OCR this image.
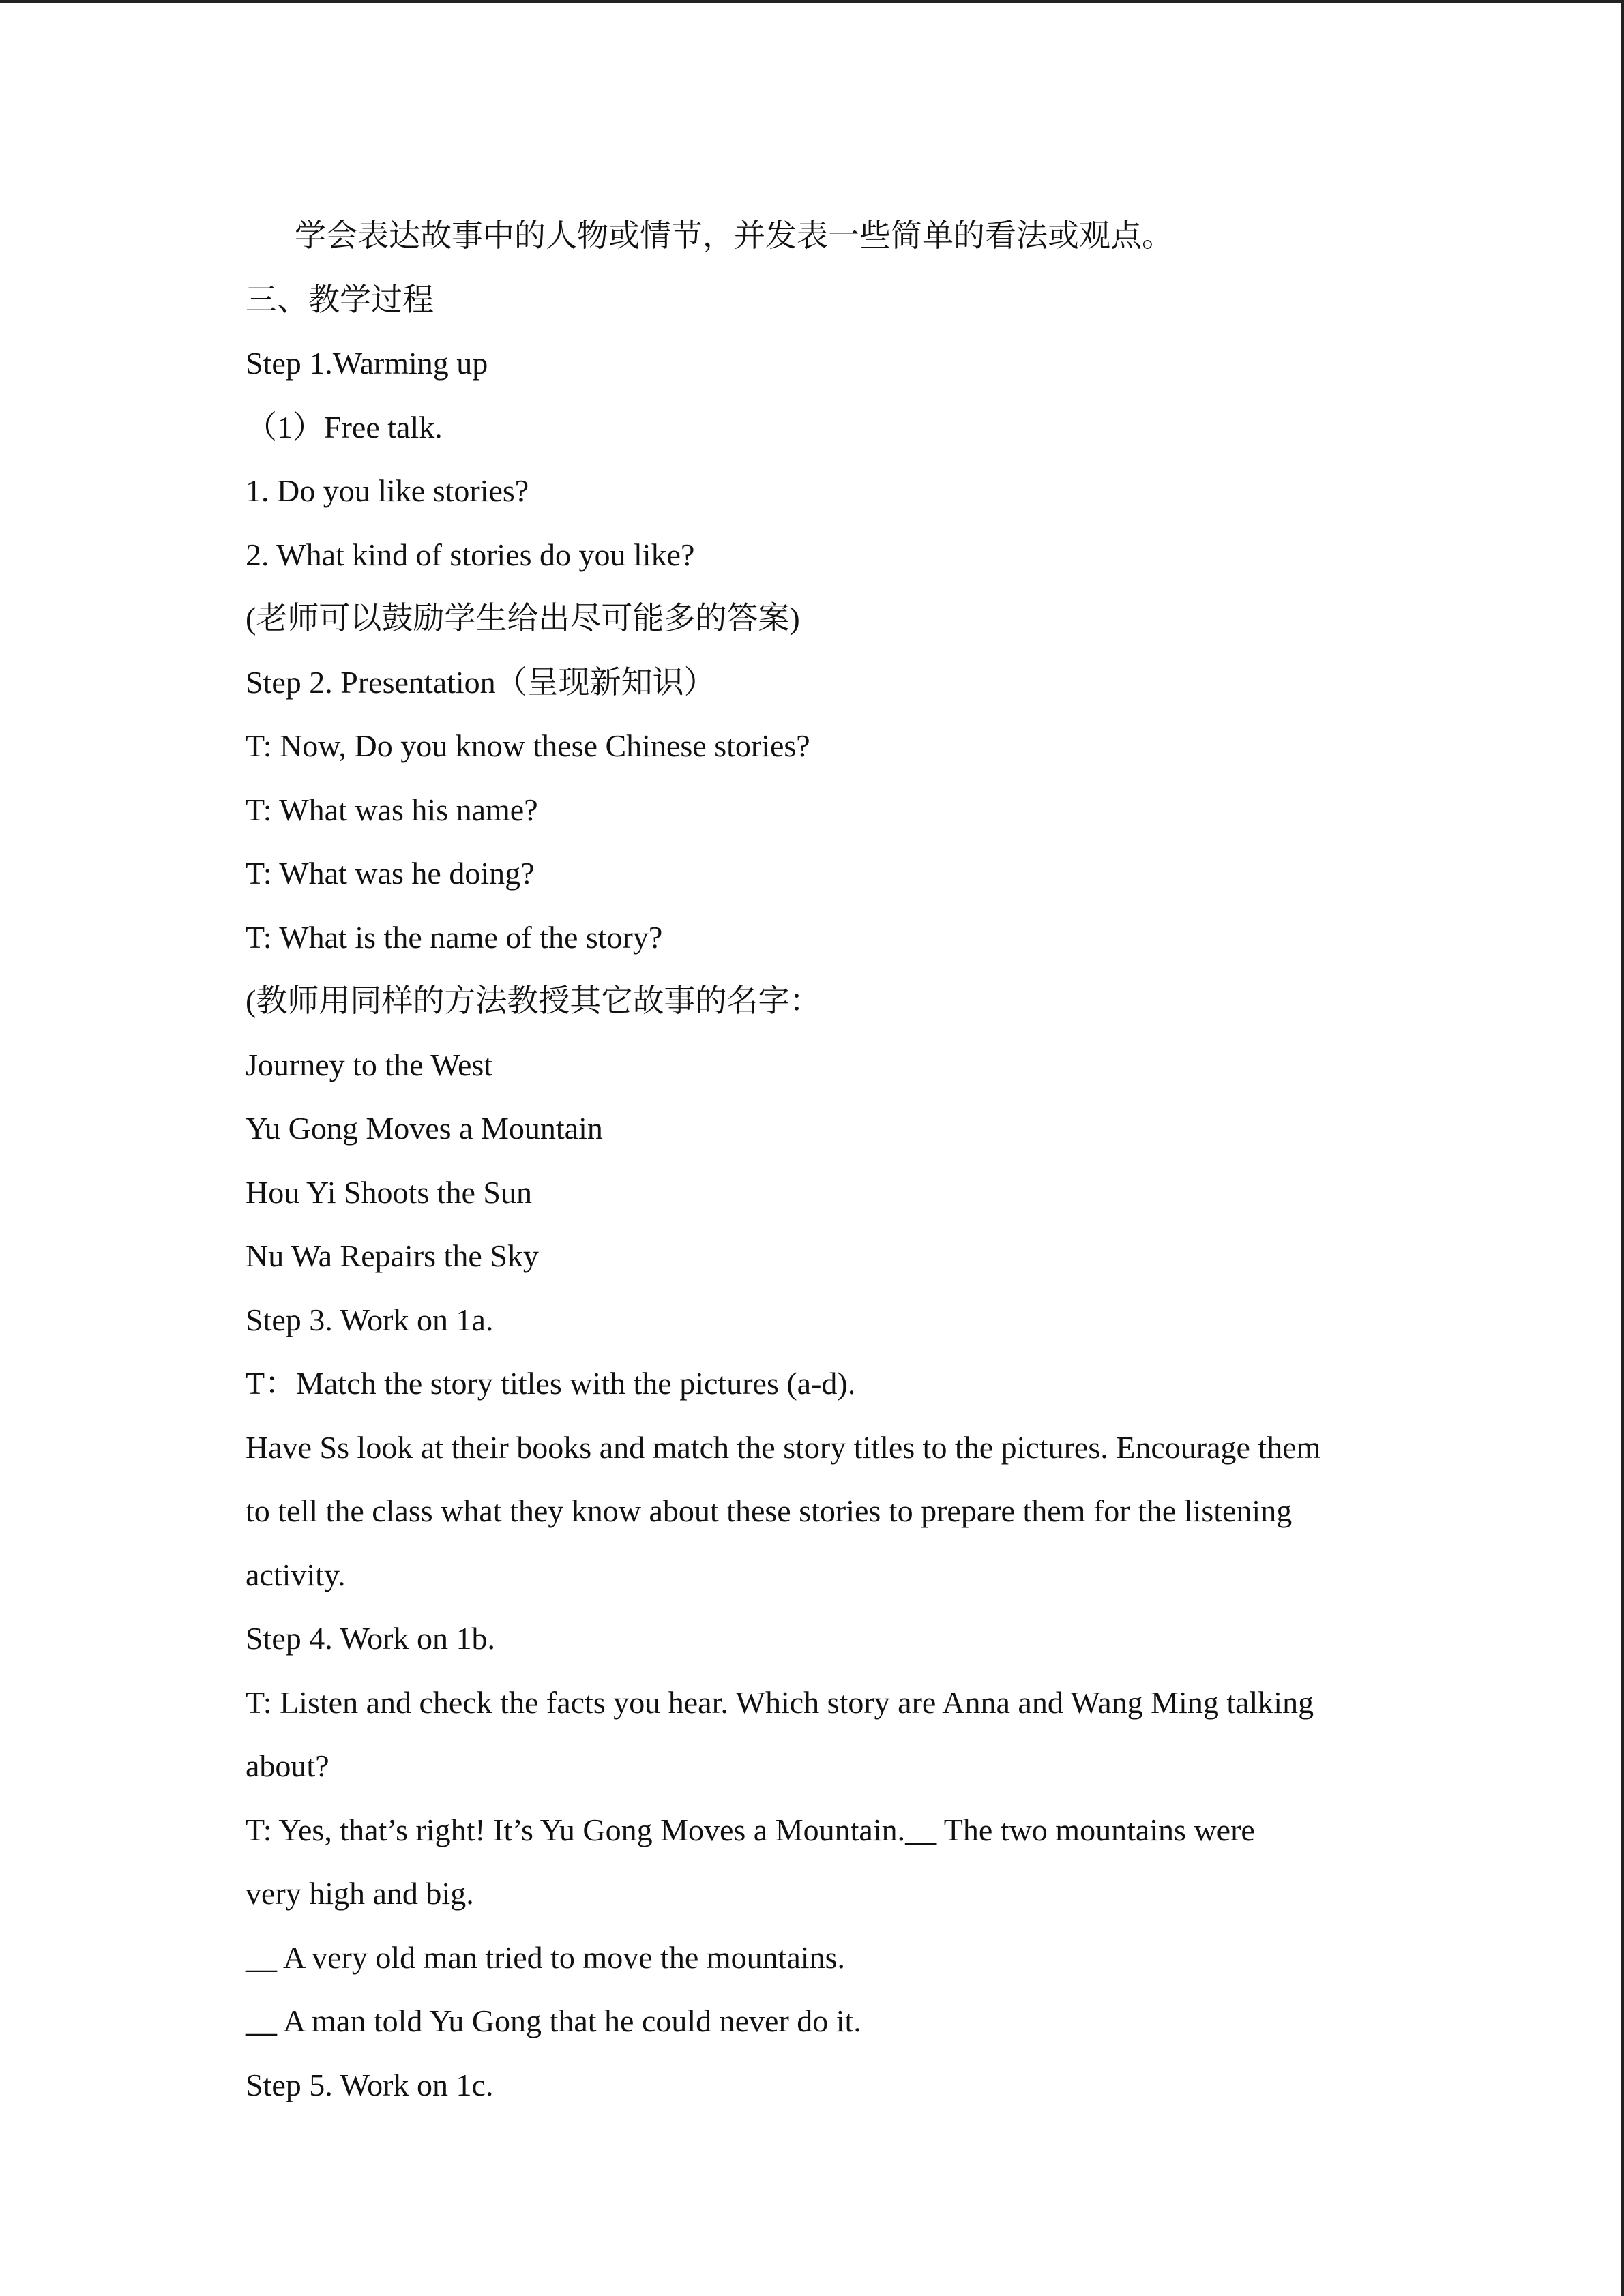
学会表达故事中的人物或情节，并发表一些简单的看法或观点。
三、教学过程
Step 1.Warming up
（1）Free talk.
1. Do you like stories?
2. What kind of stories do you like?
(老师可以鼓励学生给出尽可能多的答案)
Step 2. Presentation（呈现新知识）
T: Now, Do you know these Chinese stories?
T: What was his name?
T: What was he doing?
T: What is the name of the story?
(教师用同样的方法教授其它故事的名字：
Journey to the West
Yu Gong Moves a Mountain
Hou Yi Shoots the Sun
Nu Wa Repairs the Sky
Step 3. Work on 1a.
T：Match the story titles with the pictures (a-d).
Have Ss look at their books and match the story titles to the pictures. Encourage them
to tell the class what they know about these stories to prepare them for the listening
activity.
Step 4. Work on 1b.
T: Listen and check the facts you hear. Which story are Anna and Wang Ming talking
about?
T: Yes, that’s right! It’s Yu Gong Moves a Mountain.__ The two mountains were
very high and big.
__ A very old man tried to move the mountains.
__ A man told Yu Gong that he could never do it.
Step 5. Work on 1c.
